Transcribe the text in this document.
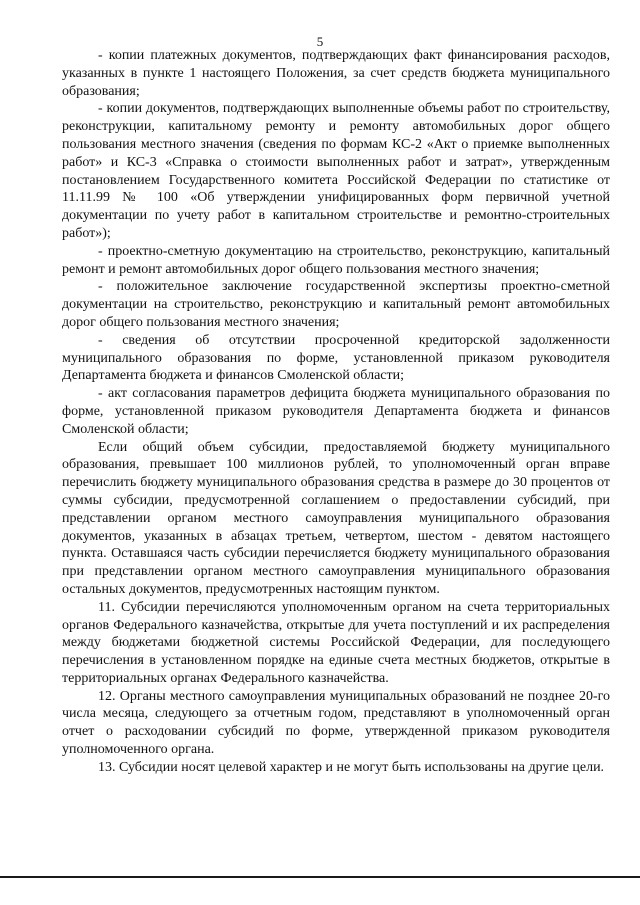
5

- копии платежных документов, подтверждающих факт финансирования расходов, указанных в пункте 1 настоящего Положения, за счет средств бюджета муниципального образования;

- копии документов, подтверждающих выполненные объемы работ по строительству, реконструкции, капитальному ремонту и ремонту автомобильных дорог общего пользования местного значения (сведения по формам КС-2 «Акт о приемке выполненных работ» и КС-3 «Справка о стоимости выполненных работ и затрат», утвержденным постановлением Государственного комитета Российской Федерации по статистике от 11.11.99 № 100 «Об утверждении унифицированных форм первичной учетной документации по учету работ в капитальном строительстве и ремонтно-строительных работ»);

- проектно-сметную документацию на строительство, реконструкцию, капитальный ремонт и ремонт автомобильных дорог общего пользования местного значения;

- положительное заключение государственной экспертизы проектно-сметной документации на строительство, реконструкцию и капитальный ремонт автомобильных дорог общего пользования местного значения;

- сведения об отсутствии просроченной кредиторской задолженности муниципального образования по форме, установленной приказом руководителя Департамента бюджета и финансов Смоленской области;

- акт согласования параметров дефицита бюджета муниципального образования по форме, установленной приказом руководителя Департамента бюджета и финансов Смоленской области;

Если общий объем субсидии, предоставляемой бюджету муниципального образования, превышает 100 миллионов рублей, то уполномоченный орган вправе перечислить бюджету муниципального образования средства в размере до 30 процентов от суммы субсидии, предусмотренной соглашением о предоставлении субсидий, при представлении органом местного самоуправления муниципального образования документов, указанных в абзацах третьем, четвертом, шестом - девятом настоящего пункта. Оставшаяся часть субсидии перечисляется бюджету муниципального образования при представлении органом местного самоуправления муниципального образования остальных документов, предусмотренных настоящим пунктом.

11. Субсидии перечисляются уполномоченным органом на счета территориальных органов Федерального казначейства, открытые для учета поступлений и их распределения между бюджетами бюджетной системы Российской Федерации, для последующего перечисления в установленном порядке на единые счета местных бюджетов, открытые в территориальных органах Федерального казначейства.

12. Органы местного самоуправления муниципальных образований не позднее 20-го числа месяца, следующего за отчетным годом, представляют в уполномоченный орган отчет о расходовании субсидий по форме, утвержденной приказом руководителя уполномоченного органа.

13. Субсидии носят целевой характер и не могут быть использованы на другие цели.
